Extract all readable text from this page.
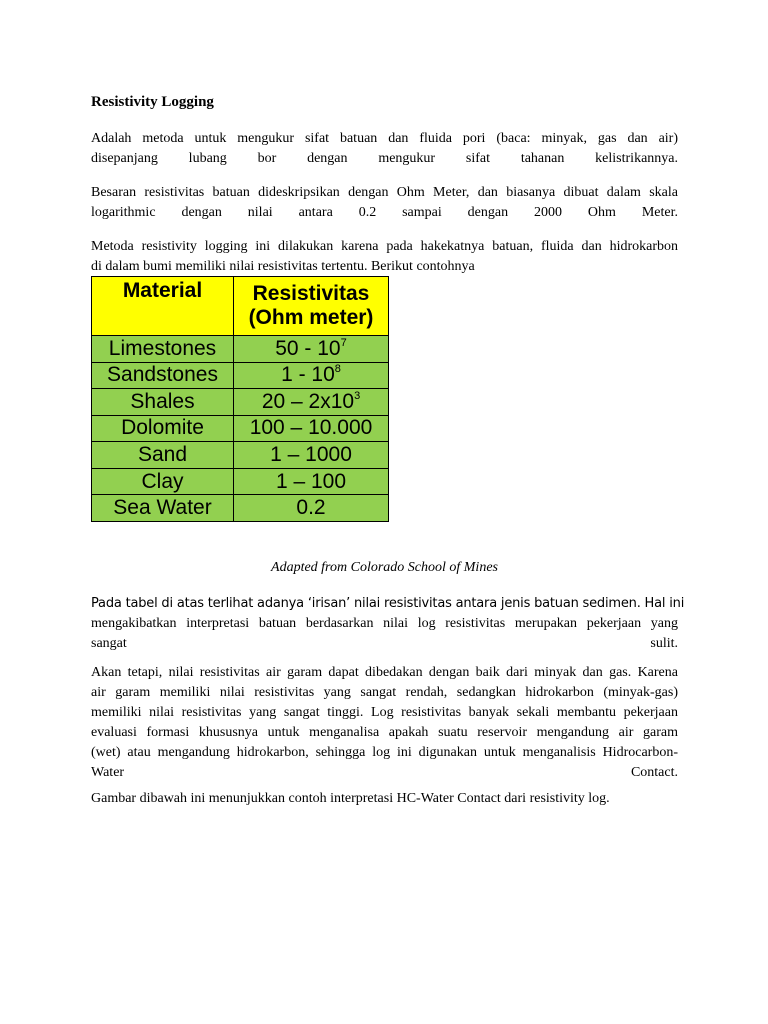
Resistivity Logging
Adalah metoda untuk mengukur sifat batuan dan fluida pori (baca: minyak, gas dan air)
disepanjang lubang bor dengan mengukur sifat tahanan kelistrikannya.
Besaran resistivitas batuan dideskripsikan dengan Ohm Meter, dan biasanya dibuat dalam skala
logarithmic dengan nilai antara 0.2 sampai dengan 2000 Ohm Meter.
Metoda resistivity logging ini dilakukan karena pada hakekatnya batuan, fluida dan hidrokarbon
di dalam bumi memiliki nilai resistivitas tertentu. Berikut contohnya
Material	Resistivitas
(Ohm meter)

Limestones	$50 - 10^7$
Sandstones	$1 - 10^8$
Shales	$20 - 2x10^3$
Dolomite	100 – 10.000
Sand	1 – 1000
Clay	1 – 100
Sea Water	0.2
Adapted from Colorado School of Mines
Pada tabel di atas terlihat adanya ‘irisan’ nilai resistivitas antara jenis batuan sedimen. Hal ini
mengakibatkan interpretasi batuan berdasarkan nilai log resistivitas merupakan pekerjaan yang
sangat	sulit.
Akan tetapi, nilai resistivitas air garam dapat dibedakan dengan baik dari minyak dan gas. Karena
air garam memiliki nilai resistivitas yang sangat rendah, sedangkan hidrokarbon (minyak-gas)
memiliki nilai resistivitas yang sangat tinggi. Log resistivitas banyak sekali membantu pekerjaan
evaluasi formasi khususnya untuk menganalisa apakah suatu reservoir mengandung air garam
(wet) atau mengandung hidrokarbon, sehingga log ini digunakan untuk menganalisis Hidrocarbon-
Water	Contact.
Gambar dibawah ini menunjukkan contoh interpretasi HC-Water Contact dari resistivity log.
